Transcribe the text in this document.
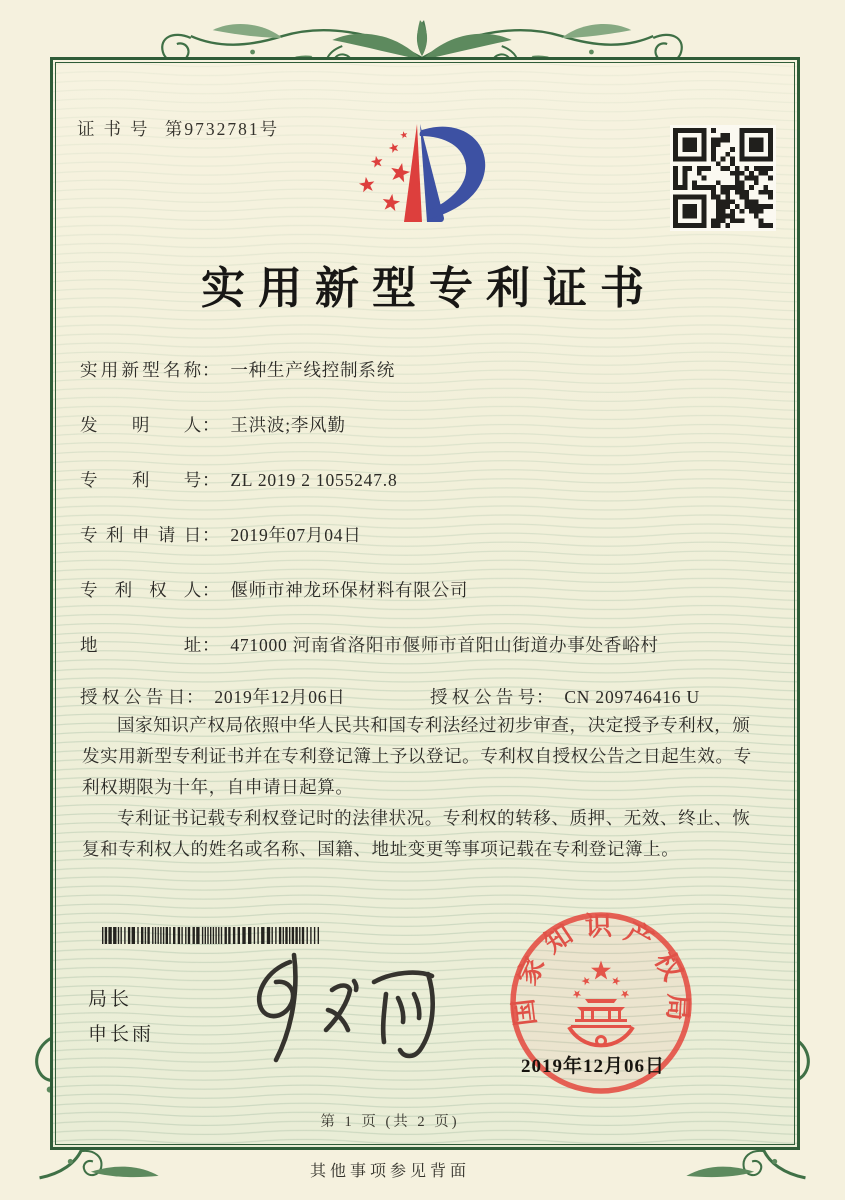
证书号 第9732781号
实用新型专利证书
实用新型名称： 一种生产线控制系统
发明人： 王洪波;李风勤
专利号： ZL 2019 2 1055247.8
专利申请日： 2019年07月04日
专利权人： 偃师市神龙环保材料有限公司
地址： 471000 河南省洛阳市偃师市首阳山街道办事处香峪村
授权公告日： 2019年12月06日	授权公告号： CN 209746416 U

国家知识产权局依照中华人民共和国专利法经过初步审查，决定授予专利权，颁发实用新型专利证书并在专利登记簿上予以登记。专利权自授权公告之日起生效。专利权期限为十年，自申请日起算。

专利证书记载专利权登记时的法律状况。专利权的转移、质押、无效、终止、恢复和专利权人的姓名或名称、国籍、地址变更等事项记载在专利登记簿上。

局长
申长雨
国家知识产权局
2019年12月06日
第 1 页 (共 2 页)
其他事项参见背面
